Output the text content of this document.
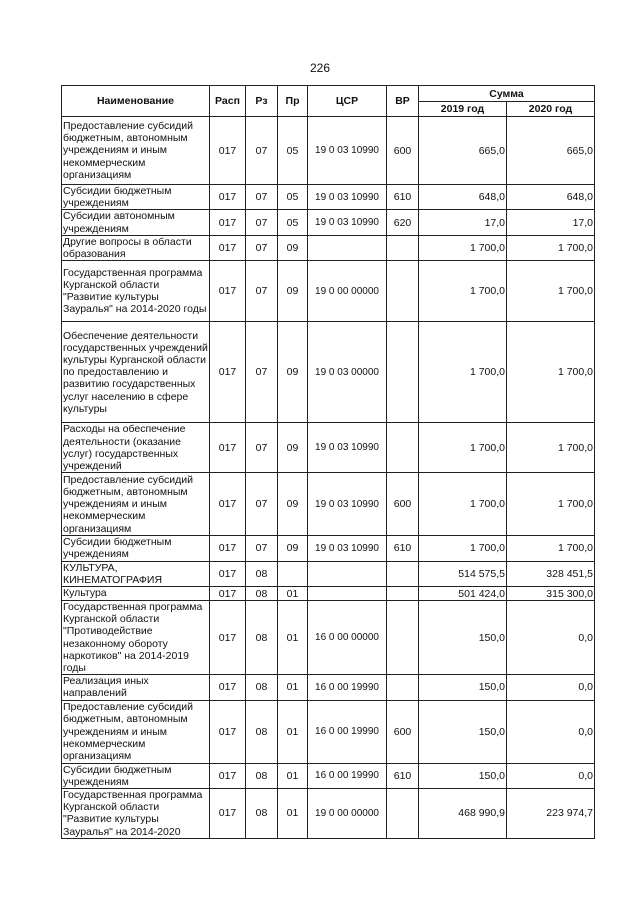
226
Наименование	Расп	Рз	Пр	ЦСР	ВР	Сумма	
						2019 год	2020 год
Предоставление субсидий бюджетным, автономным учреждениям и иным некоммерческим организациям	017	07	05	19 0 03 10990	600	665,0	665,0
Субсидии бюджетным учреждениям	017	07	05	19 0 03 10990	610	648,0	648,0
Субсидии автономным учреждениям	017	07	05	19 0 03 10990	620	17,0	17,0
Другие вопросы в области образования	017	07	09			1 700,0	1 700,0
Государственная программа Курганской области "Развитие культуры Зауралья" на 2014-2020 годы	017	07	09	19 0 00 00000		1 700,0	1 700,0
Обеспечение деятельности государственных учреждений культуры Курганской области по предоставлению и развитию государственных услуг населению в сфере культуры	017	07	09	19 0 03 00000		1 700,0	1 700,0
Расходы на обеспечение деятельности (оказание услуг) государственных учреждений	017	07	09	19 0 03 10990		1 700,0	1 700,0
Предоставление субсидий бюджетным, автономным учреждениям и иным некоммерческим организациям	017	07	09	19 0 03 10990	600	1 700,0	1 700,0
Субсидии бюджетным учреждениям	017	07	09	19 0 03 10990	610	1 700,0	1 700,0
КУЛЬТУРА, КИНЕМАТОГРАФИЯ	017	08				514 575,5	328 451,5
Культура	017	08	01			501 424,0	315 300,0
Государственная программа Курганской области "Противодействие незаконному обороту наркотиков" на 2014-2019 годы	017	08	01	16 0 00 00000		150,0	0,0
Реализация иных направлений	017	08	01	16 0 00 19990		150,0	0,0
Предоставление субсидий бюджетным, автономным учреждениям и иным некоммерческим организациям	017	08	01	16 0 00 19990	600	150,0	0,0
Субсидии бюджетным учреждениям	017	08	01	16 0 00 19990	610	150,0	0,0
Государственная программа Курганской области "Развитие культуры Зауралья" на 2014-2020	017	08	01	19 0 00 00000		468 990,9	223 974,7
